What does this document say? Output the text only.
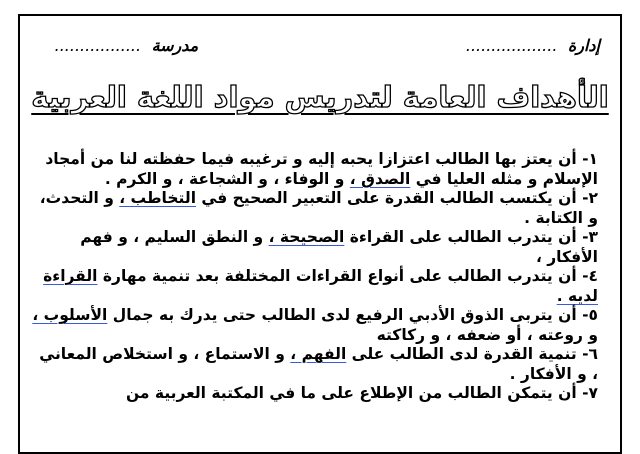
إدارة ..................
مدرسة .................
الأهداف العامة لتدريس مواد اللغة العربية
١- أن يعتز بها الطالب اعتزازا يحبه إليه و ترغيبه فيما حفظته لنا من أمجاد الإسلام و مثله العليا في الصدق ، و الوفاء ، و الشجاعة ، و الكرم .
٢- أن يكتسب الطالب القدرة على التعبير الصحيح في التخاطب ، و التحدث، و الكتابة .
٣- أن يتدرب الطالب على القراءة الصحيحة ، و النطق السليم ، و فهم الأفكار ،
٤- أن يتدرب الطالب على أنواع القراءات المختلفة بعد تنمية مهارة القراءة لديه .
٥- أن يتربى الذوق الأدبي الرفيع لدى الطالب حتى يدرك به جمال الأسلوب ، و روعته ، أو ضعفه ، و ركاكته
٦- تنمية القدرة لدى الطالب على الفهم ، و الاستماع ، و استخلاص المعاني ، و الأفكار .
٧- أن يتمكن الطالب من الإطلاع على ما في المكتبة العربية من
